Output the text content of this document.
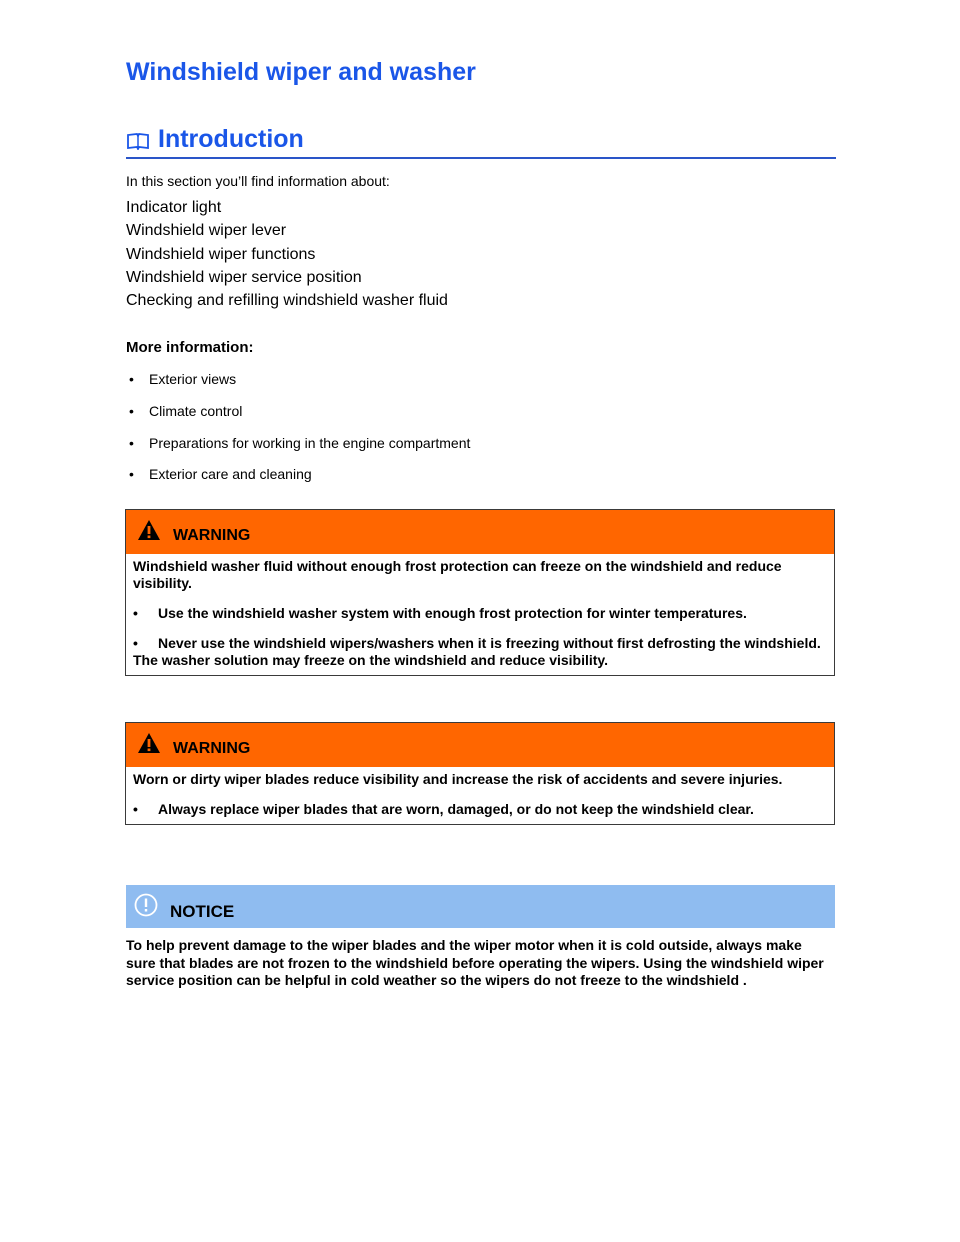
Windshield wiper and washer
Introduction

In this section you’ll find information about:

Indicator light
Windshield wiper lever
Windshield wiper functions
Windshield wiper service position
Checking and refilling windshield washer fluid

More information:

• Exterior views
• Climate control
• Preparations for working in the engine compartment
• Exterior care and cleaning
WARNING

Windshield washer fluid without enough frost protection can freeze on the windshield and reduce visibility.

• Use the windshield washer system with enough frost protection for winter temperatures.

• Never use the windshield wipers/washers when it is freezing without first defrosting the windshield. The washer solution may freeze on the windshield and reduce visibility.

WARNING

Worn or dirty wiper blades reduce visibility and increase the risk of accidents and severe injuries.

• Always replace wiper blades that are worn, damaged, or do not keep the windshield clear.

NOTICE

To help prevent damage to the wiper blades and the wiper motor when it is cold outside, always make sure that blades are not frozen to the windshield before operating the wipers. Using the windshield wiper service position can be helpful in cold weather so the wipers do not freeze to the windshield .
